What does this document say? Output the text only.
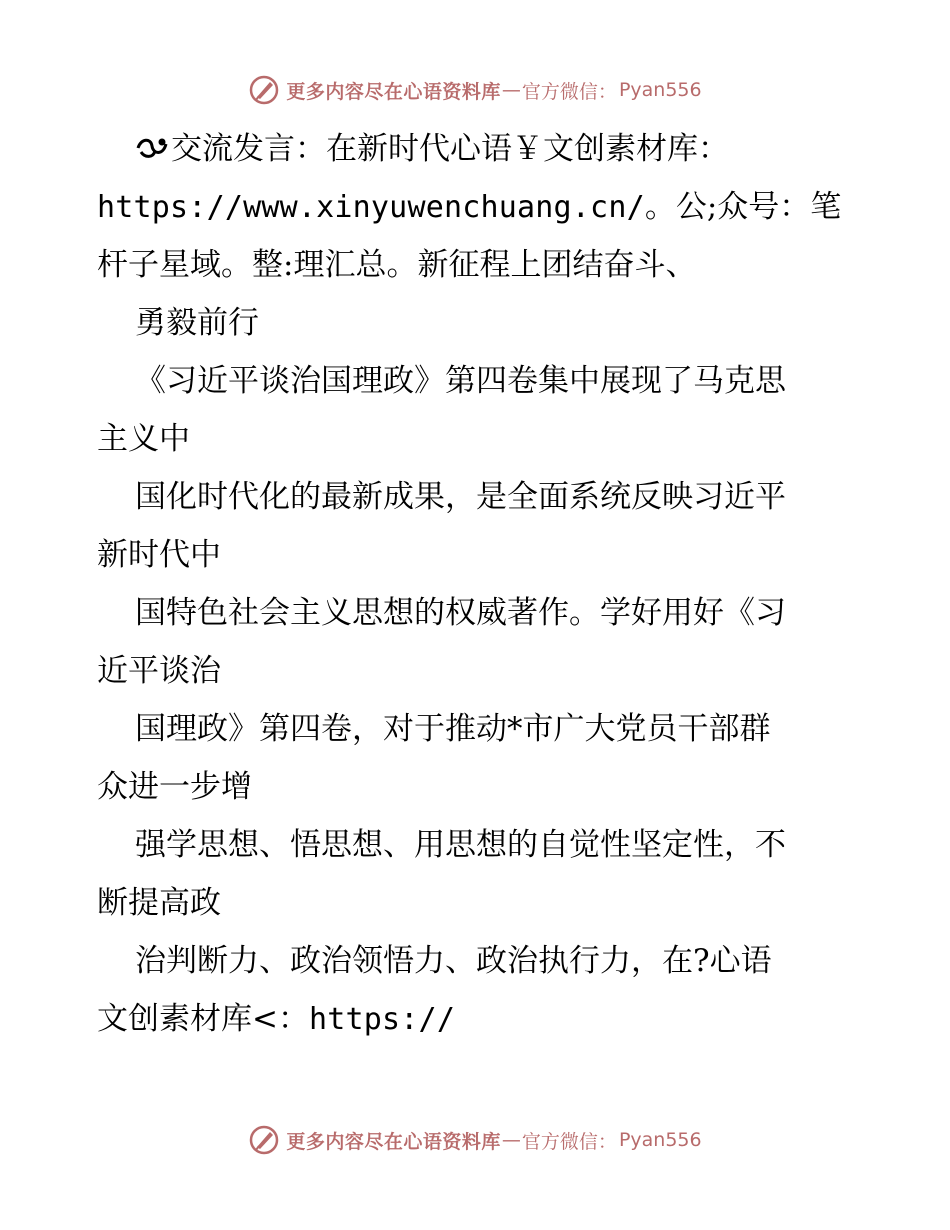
更多内容尽在心语资料库 — 官方微信： Pyan556
交流发言：在新时代心语￥文创素材库：
https://www.xinyuwenchuang.cn/。公;众号：笔
杆子星域。整:理汇总。新征程上团结奋斗、
勇毅前行
《习近平谈治国理政》第四卷集中展现了马克思
主义中
国化时代化的最新成果，是全面系统反映习近平
新时代中
国特色社会主义思想的权威著作。学好用好《习
近平谈治
国理政》第四卷，对于推动*市广大党员干部群
众进一步增
强学思想、悟思想、用思想的自觉性坚定性，不
断提高政
治判断力、政治领悟力、政治执行力，在?心语
文创素材库<：https://
更多内容尽在心语资料库 — 官方微信： Pyan556
